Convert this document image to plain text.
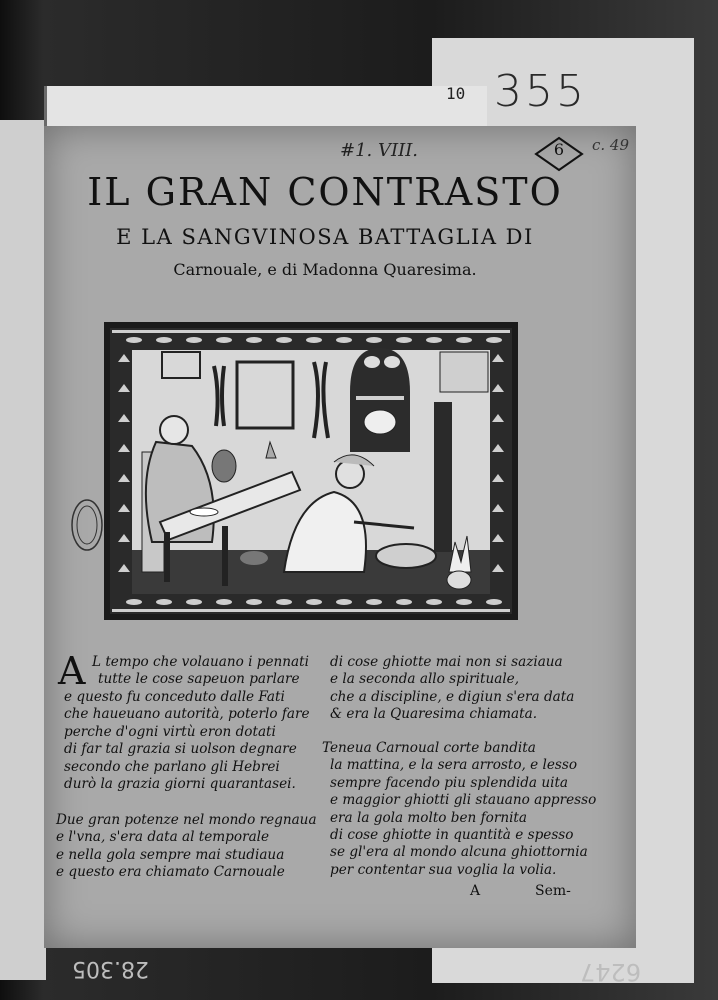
10 355
#1. VIII.	6	c. 49
IL GRAN CONTRASTO
E LA SANGVINOSA BATTAGLIA DI
Carnouale, e di Madonna Quaresima.
A L tempo che volauano i pennati
tutte le cose sapeuon parlare
e questo fu conceduto dalle Fati
che haueuano autorità, poterlo fare
perche d'ogni virtù eron dotati
di far tal grazia si uolson degnare
secondo che parlano gli Hebrei
durò la grazia giorni quarantasei.
Due gran potenze nel mondo regnaua
e l'vna, s'era data al temporale
e nella gola sempre mai studiaua
e questo era chiamato Carnouale
di cose ghiotte mai non si saziaua
e la seconda allo spirituale,
che a discipline, e digiun s'era data
& era la Quaresima chiamata.
Teneua Carnoual corte bandita
la mattina, e la sera arrosto, e lesso
sempre facendo piu splendida uita
e maggior ghiotti gli stauano appresso
era la gola molto ben fornita
di cose ghiotte in quantità e spesso
se gl'era al mondo alcuna ghiottornia
per contentar sua voglia la volia.
A	Sem-
28.305	6247
